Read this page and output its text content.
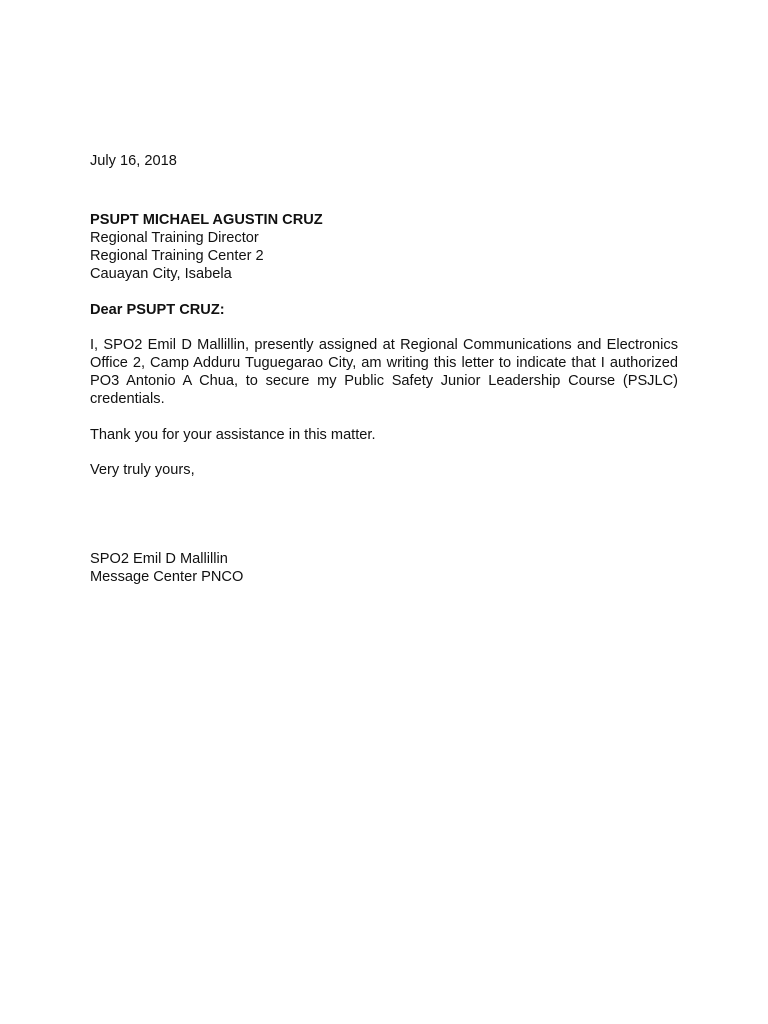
July 16, 2018
PSUPT MICHAEL AGUSTIN CRUZ
Regional Training Director
Regional Training Center 2
Cauayan City, Isabela
Dear PSUPT CRUZ:

I, SPO2 Emil D Mallillin, presently assigned at Regional Communications and Electronics Office 2, Camp Adduru Tuguegarao City, am writing this letter to indicate that I authorized PO3 Antonio A Chua, to secure my Public Safety Junior Leadership Course (PSJLC) credentials.

Thank you for your assistance in this matter.
Very truly yours,
SPO2 Emil D Mallillin
Message Center PNCO
